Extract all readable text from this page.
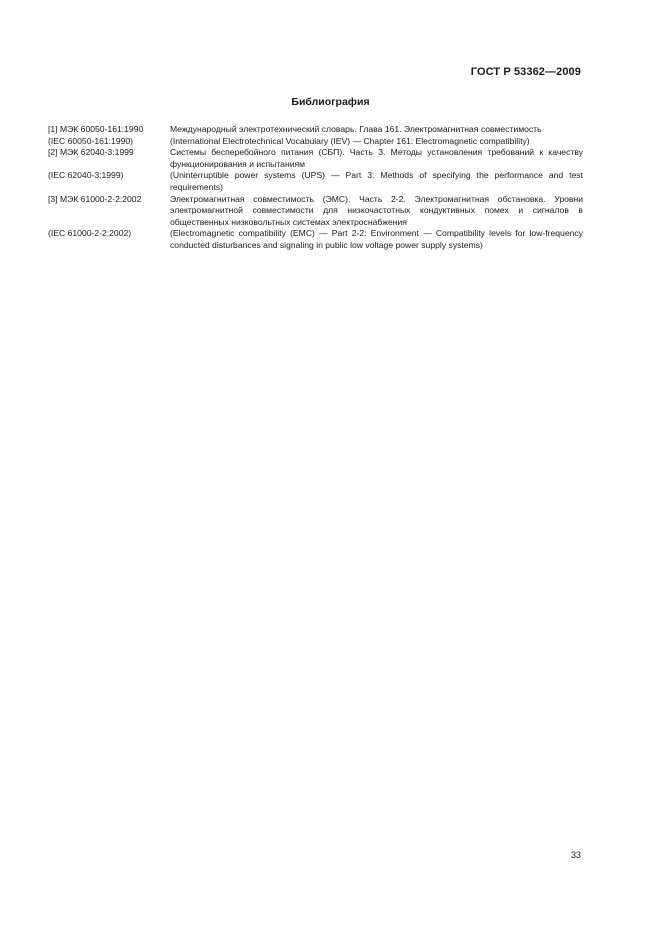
ГОСТ Р 53362—2009
Библиография
[1] МЭК 60050-161:1990	Международный электротехнический словарь. Глава 161. Электромагнитная совместимость
(IEC 60050-161:1990)	(International Electrotechnical Vocabulary (IEV) — Chapter 161: Electromagnetic compatibility)
[2] МЭК 62040-3:1999	Системы бесперебойного питания (СБП). Часть 3. Методы установления требований к качеству функционирования и испытаниям
(IEC 62040-3:1999)	(Uninterruptible power systems (UPS) — Part 3: Methods of specifying the performance and test requirements)
[3] МЭК 61000-2-2:2002	Электромагнитная совместимость (ЭМС). Часть 2-2. Электромагнитная обстановка. Уровни электромагнитной совместимости для низкочастотных кондуктивных помех и сигналов в общественных низковольтных системах электроснабжения
(IEC 61000-2-2:2002)	(Electromagnetic compatibility (EMC) — Part 2-2: Environment — Compatibility levels for low-frequency conducted disturbances and signaling in public low voltage power supply systems)
33
